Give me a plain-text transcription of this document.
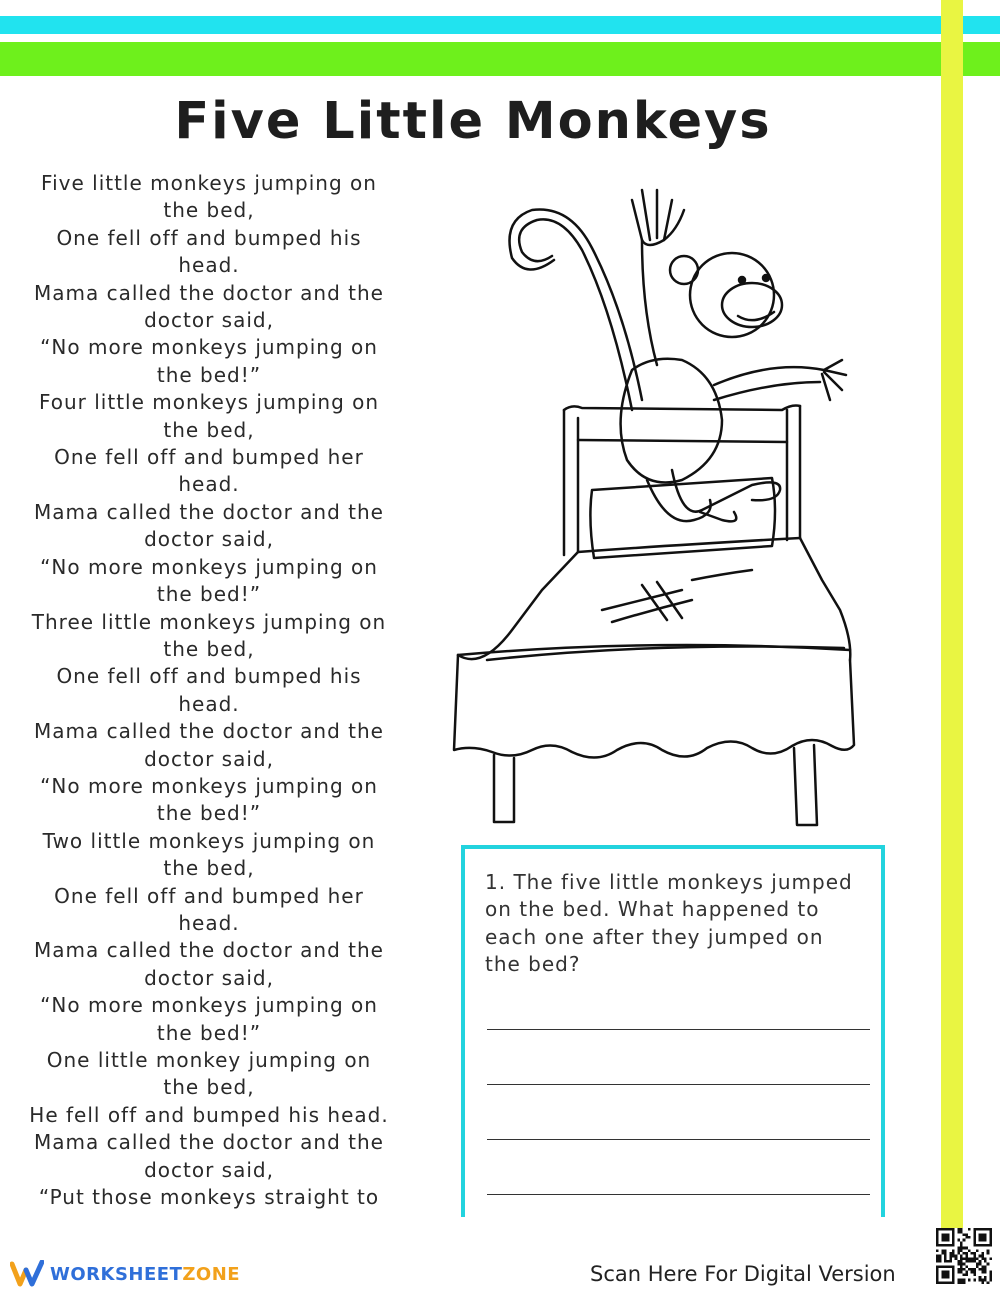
Five Little Monkeys
Five little monkeys jumping on
the bed,
One fell off and bumped his
head.
Mama called the doctor and the
doctor said,
“No more monkeys jumping on
the bed!”
Four little monkeys jumping on
the bed,
One fell off and bumped her
head.
Mama called the doctor and the
doctor said,
“No more monkeys jumping on
the bed!”
Three little monkeys jumping on
the bed,
One fell off and bumped his
head.
Mama called the doctor and the
doctor said,
“No more monkeys jumping on
the bed!”
Two little monkeys jumping on
the bed,
One fell off and bumped her
head.
Mama called the doctor and the
doctor said,
“No more monkeys jumping on
the bed!”
One little monkey jumping on
the bed,
He fell off and bumped his head.
Mama called the doctor and the
doctor said,
“Put those monkeys straight to
1. The five little monkeys jumped on the bed. What happened to each one after they jumped on the bed?
WORKSHEET ZONE	Scan Here For Digital Version
